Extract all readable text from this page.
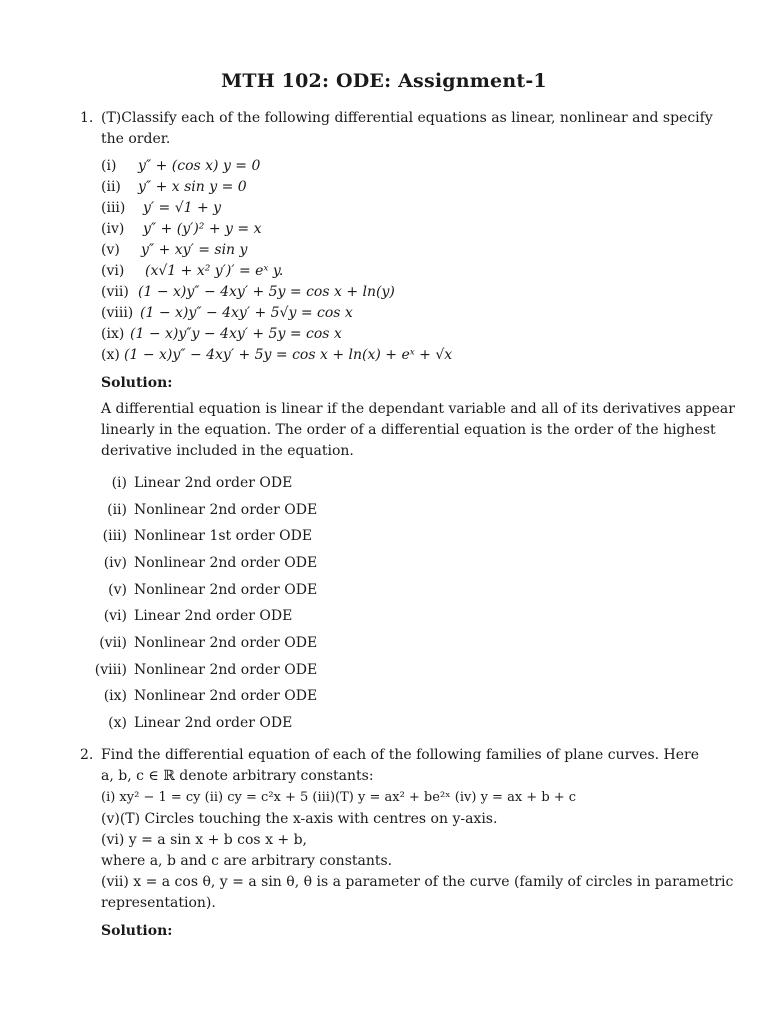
MTH 102: ODE: Assignment-1
1. (T)Classify each of the following differential equations as linear, nonlinear and specify
the order.
(i) y″ + (cos x) y = 0
(ii) y″ + x sin y = 0
(iii) y′ = √1 + y
(iv) y″ + (y′)² + y = x
(v) y″ + xy′ = sin y
(vi) (x√1 + x² y′)′ = eˣ y.
(vii) (1 − x)y″ − 4xy′ + 5y = cos x + ln(y)
(viii) (1 − x)y″ − 4xy′ + 5√y = cos x
(ix) (1 − x)y″y − 4xy′ + 5y = cos x
(x) (1 − x)y″ − 4xy′ + 5y = cos x + ln(x) + eˣ + √x
Solution:
A differential equation is linear if the dependant variable and all of its derivatives appear
linearly in the equation. The order of a differential equation is the order of the highest
derivative included in the equation.
(i) Linear 2nd order ODE
(ii) Nonlinear 2nd order ODE
(iii) Nonlinear 1st order ODE
(iv) Nonlinear 2nd order ODE
(v) Nonlinear 2nd order ODE
(vi) Linear 2nd order ODE
(vii) Nonlinear 2nd order ODE
(viii) Nonlinear 2nd order ODE
(ix) Nonlinear 2nd order ODE
(x) Linear 2nd order ODE
2. Find the differential equation of each of the following families of plane curves. Here
a, b, c ∈ ℝ denote arbitrary constants:
(i) xy² − 1 = cy (ii) cy = c²x + 5 (iii)(T) y = ax² + be²ˣ (iv) y = ax + b + c
(v)(T) Circles touching the x-axis with centres on y-axis.
(vi) y = a sin x + b cos x + b,
where a, b and c are arbitrary constants.
(vii) x = a cos θ, y = a sin θ, θ is a parameter of the curve (family of circles in parametric
representation).
Solution:
